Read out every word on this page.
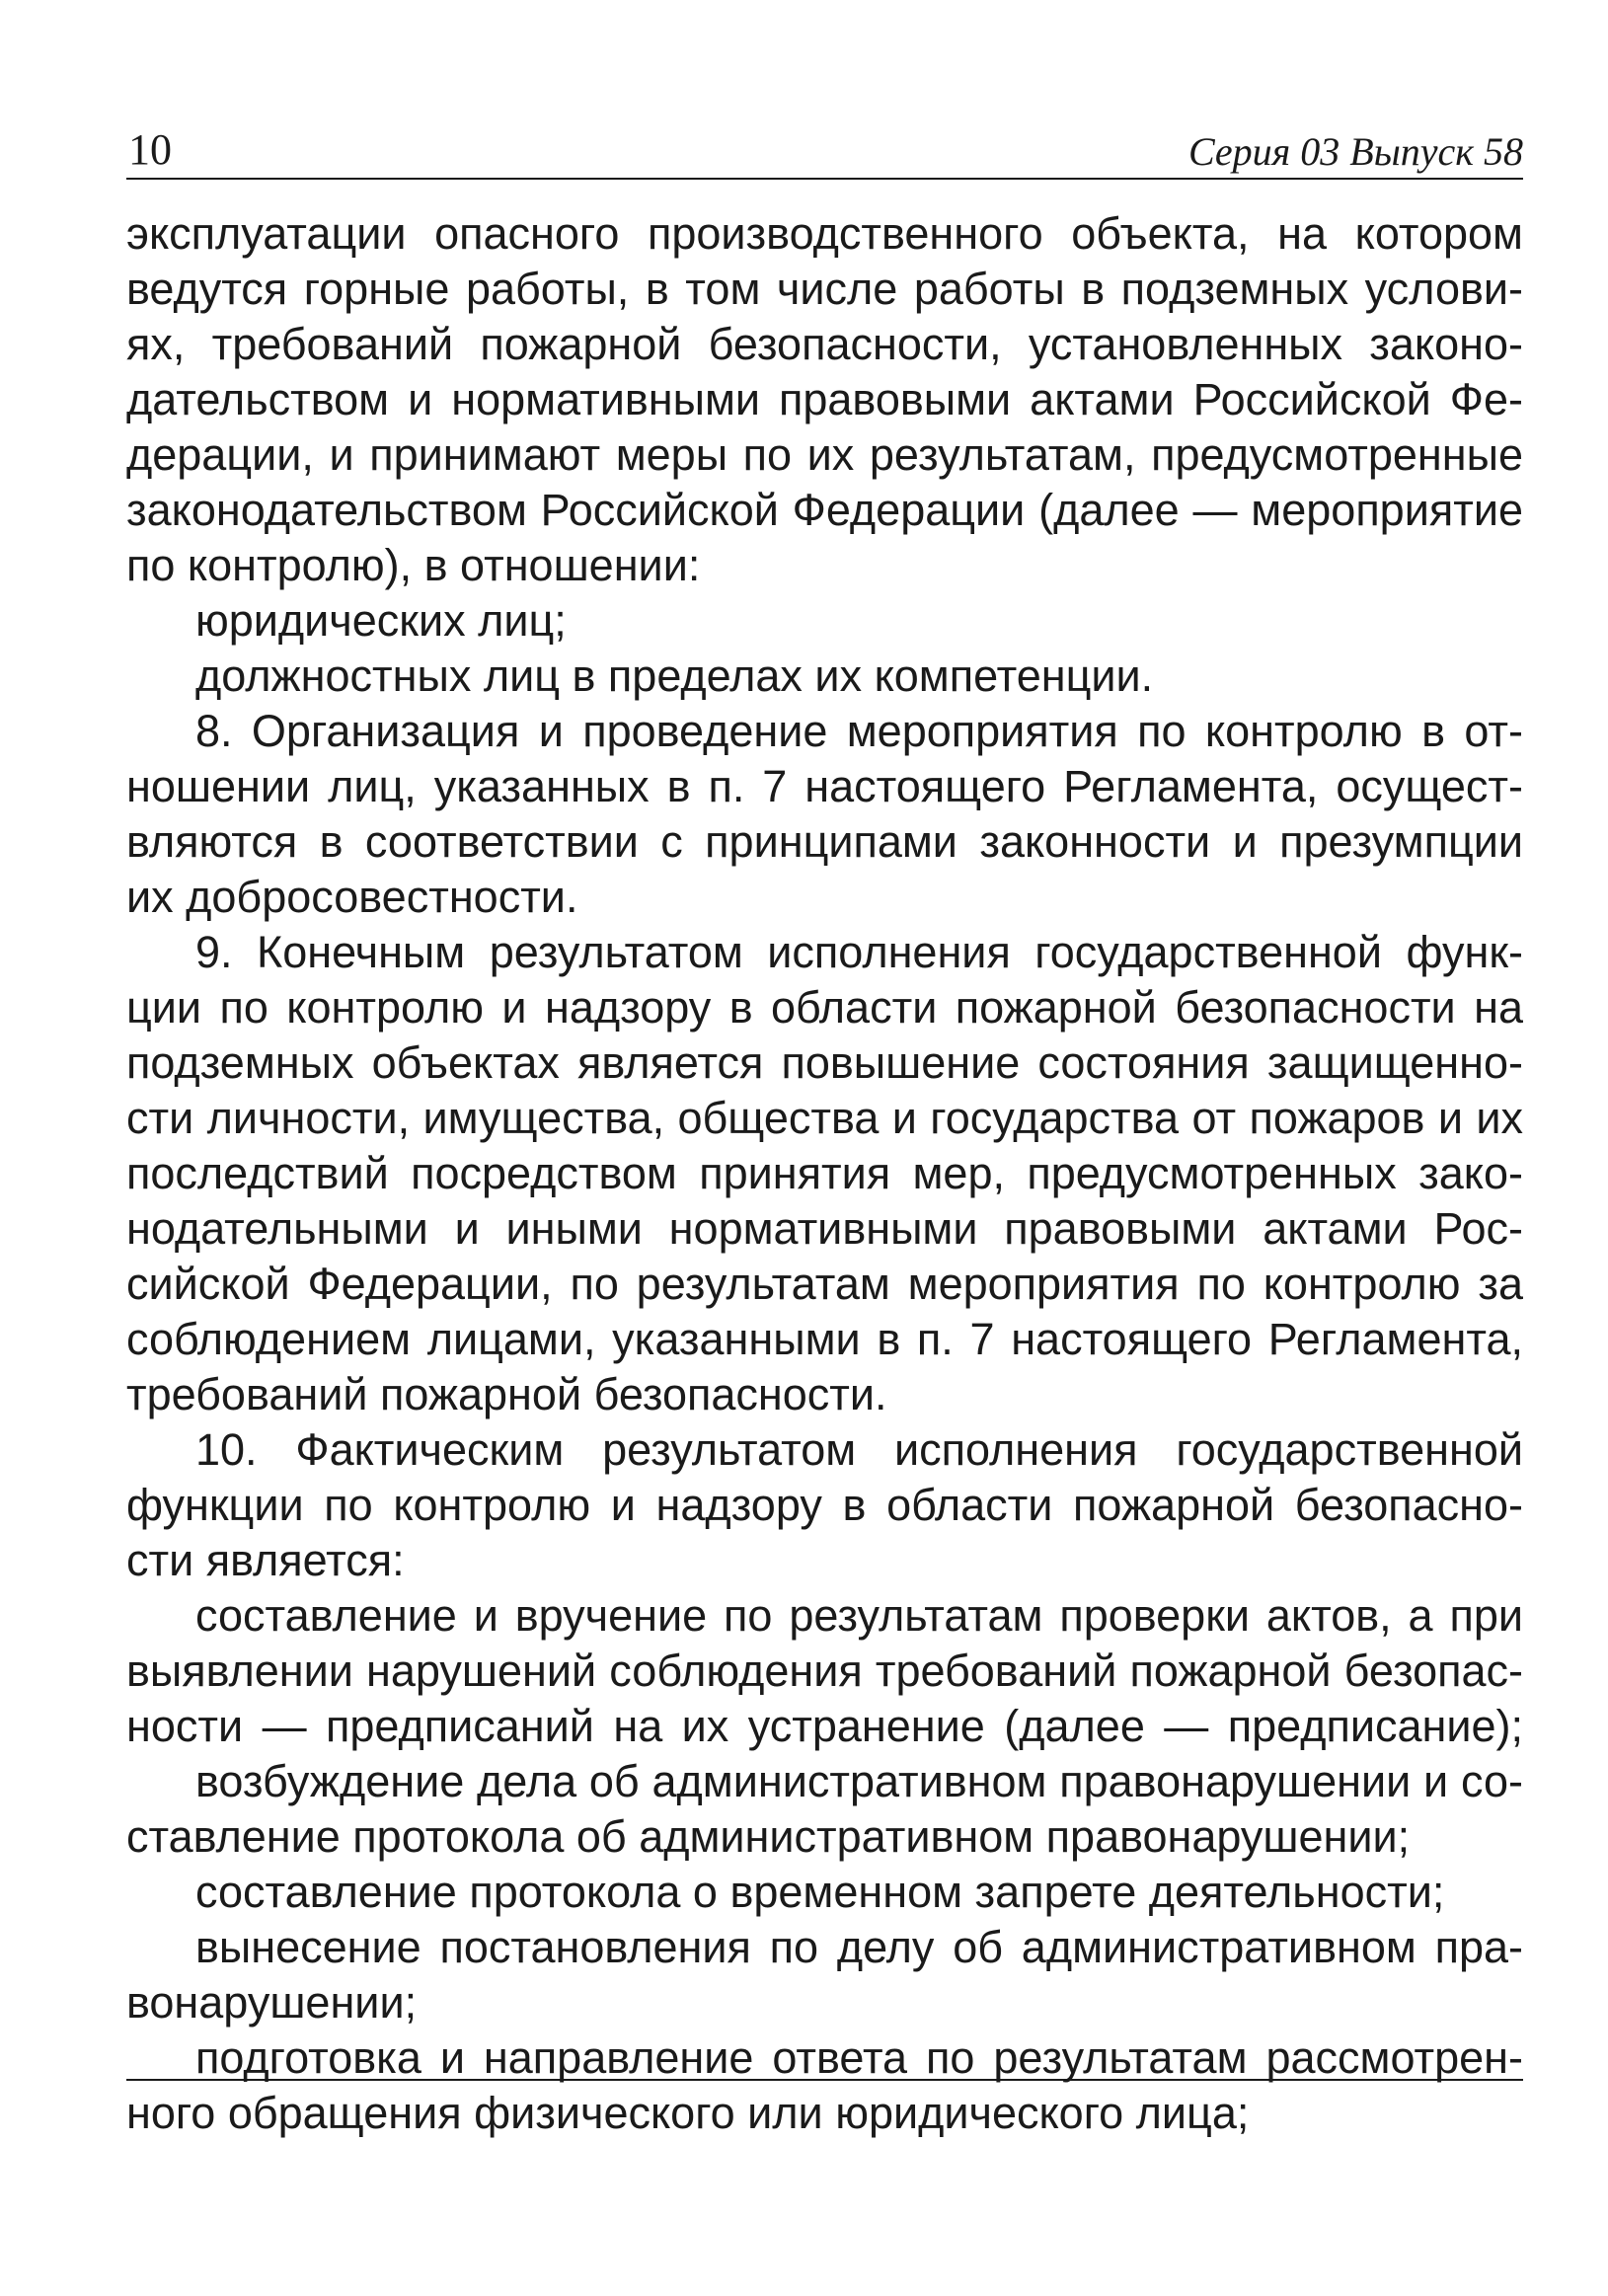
10	Серия 03 Выпуск 58
эксплуатации опасного производственного объекта, на котором
ведутся горные работы, в том числе работы в подземных услови-
ях, требований пожарной безопасности, установленных законо-
дательством и нормативными правовыми актами Российской Фе-
дерации, и принимают меры по их результатам, предусмотренные
законодательством Российской Федерации (далее — мероприятие
по контролю), в отношении:
юридических лиц;
должностных лиц в пределах их компетенции.
8. Организация и проведение мероприятия по контролю в от-
ношении лиц, указанных в п. 7 настоящего Регламента, осущест-
вляются в соответствии с принципами законности и презумпции
их добросовестности.
9. Конечным результатом исполнения государственной функ-
ции по контролю и надзору в области пожарной безопасности на
подземных объектах является повышение состояния защищенно-
сти личности, имущества, общества и государства от пожаров и их
последствий посредством принятия мер, предусмотренных зако-
нодательными и иными нормативными правовыми актами Рос-
сийской Федерации, по результатам мероприятия по контролю за
соблюдением лицами, указанными в п. 7 настоящего Регламента,
требований пожарной безопасности.
10. Фактическим результатом исполнения государственной
функции по контролю и надзору в области пожарной безопасно-
сти является:
составление и вручение по результатам проверки актов, а при
выявлении нарушений соблюдения требований пожарной безопас-
ности — предписаний на их устранение (далее — предписание);
возбуждение дела об административном правонарушении и со-
ставление протокола об административном правонарушении;
составление протокола о временном запрете деятельности;
вынесение постановления по делу об административном пра-
вонарушении;
подготовка и направление ответа по результатам рассмотрен-
ного обращения физического или юридического лица;
